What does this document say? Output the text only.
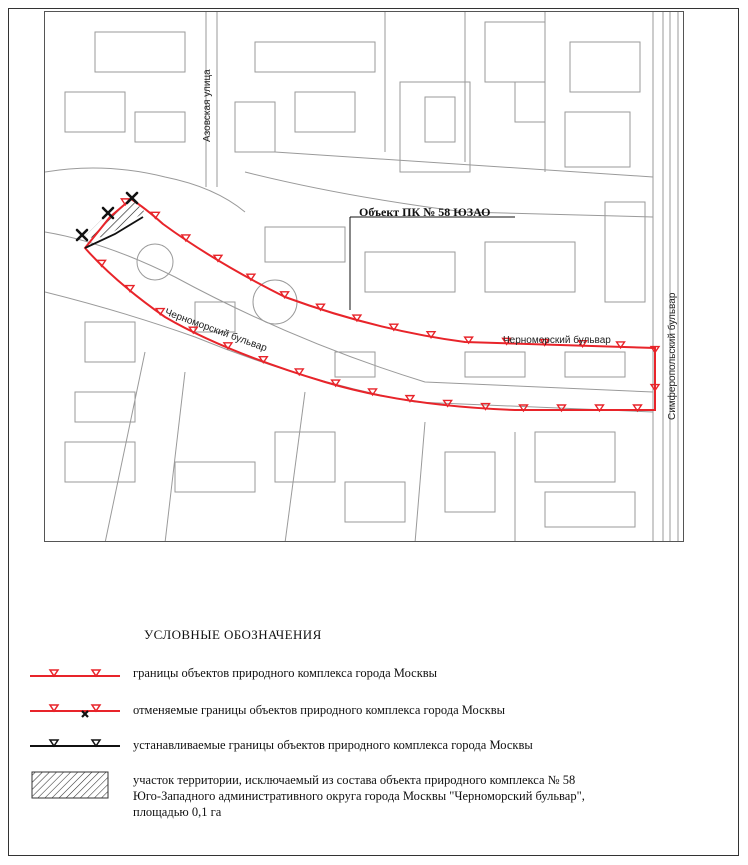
Объект ПК № 58 ЮЗАО
Азовская улица
Черноморский бульвар	Черноморский бульвар	Симферопольский бульвар
УСЛОВНЫЕ ОБОЗНАЧЕНИЯ
границы объектов природного комплекса города Москвы
отменяемые границы объектов природного комплекса города Москвы
устанавливаемые границы объектов природного комплекса города Москвы
участок территории, исключаемый из состава объекта природного комплекса № 58
Юго-Западного административного округа города Москвы "Черноморский бульвар",
площадью 0,1 га
